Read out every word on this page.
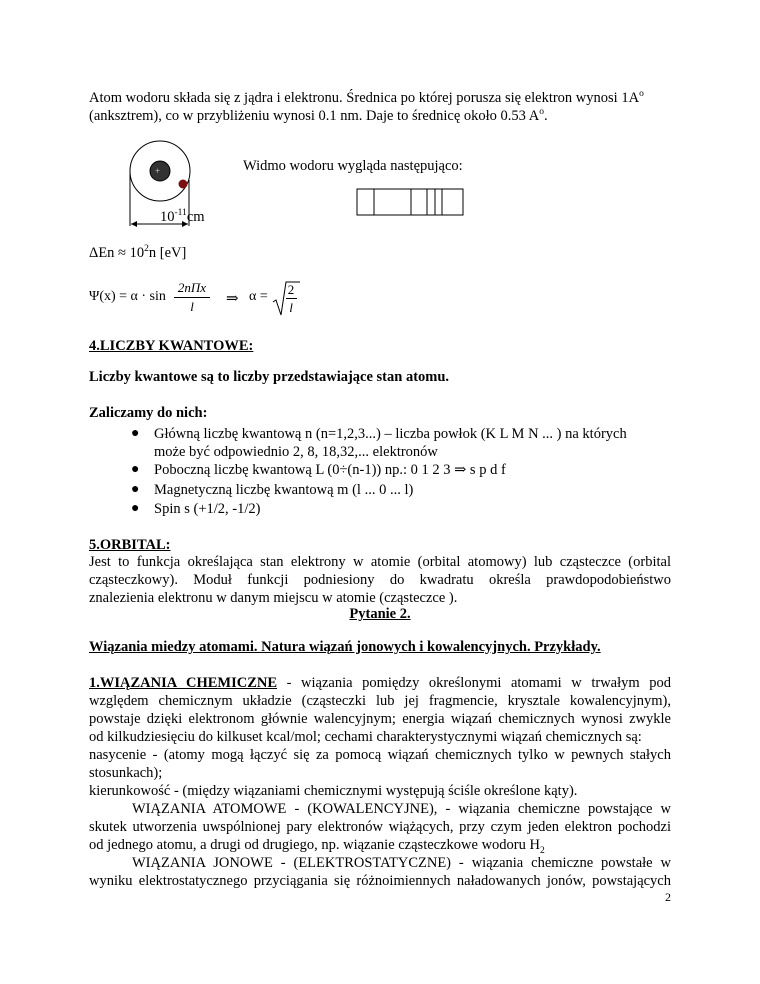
Atom wodoru składa się z jądra i elektronu. Średnica po której porusza się elektron wynosi $1A^o$
(anksztrem), co w przybliżeniu wynosi 0.1 nm. Daje to średnicę około 0.53 $A^o$.
+
$10^{-11}cm$
Widmo wodoru wygląda następująco:
$\Delta En \approx 10^2n$ [eV]
Ψ(x) = α · sin
2nΠx
l	⇒ α = 2
l
4.LICZBY KWANTOWE:
Liczby kwantowe są to liczby przedstawiające stan atomu.
Zaliczamy do nich:
● Główną liczbę kwantową n (n=1,2,3...) – liczba powłok (K L M N ... ) na których
może być odpowiednio 2, 8, 18,32,... elektronów
● Poboczną liczbę kwantową L (0÷(n-1)) np.: 0 1 2 3 ⇒ s p d f
● Magnetyczną liczbę kwantową m (l ... 0 ... l)
● Spin s (+1/2, -1/2)
5.ORBITAL:
Jest to funkcja określająca stan elektrony w atomie (orbital atomowy) lub cząsteczce (orbital
cząsteczkowy). Moduł funkcji podniesiony do kwadratu określa prawdopodobieństwo
znalezienia elektronu w danym miejscu w atomie (cząsteczce ).
Pytanie 2.
Wiązania miedzy atomami. Natura wiązań jonowych i kowalencyjnych. Przykłady.
1.WIĄZANIA CHEMICZNE - wiązania pomiędzy określonymi atomami w trwałym pod
względem chemicznym układzie (cząsteczki lub jej fragmencie, krysztale kowalencyjnym),
powstaje dzięki elektronom głównie walencyjnym; energia wiązań chemicznych wynosi zwykle
od kilkudziesięciu do kilkuset kcal/mol; cechami charakterystycznymi wiązań chemicznych są:
nasycenie - (atomy mogą łączyć się za pomocą wiązań chemicznych tylko w pewnych stałych
stosunkach);
kierunkowość - (między wiązaniami chemicznymi występują ściśle określone kąty).
WIĄZANIA ATOMOWE - (KOWALENCYJNE), - wiązania chemiczne powstające w
skutek utworzenia uwspólnionej pary elektronów wiążących, przy czym jeden elektron pochodzi
od jednego atomu, a drugi od drugiego, np. wiązanie cząsteczkowe wodoru $H_2$
WIĄZANIA JONOWE - (ELEKTROSTATYCZNE) - wiązania chemiczne powstałe w
wyniku elektrostatycznego przyciągania się różnoimiennych naładowanych jonów, powstających
2
